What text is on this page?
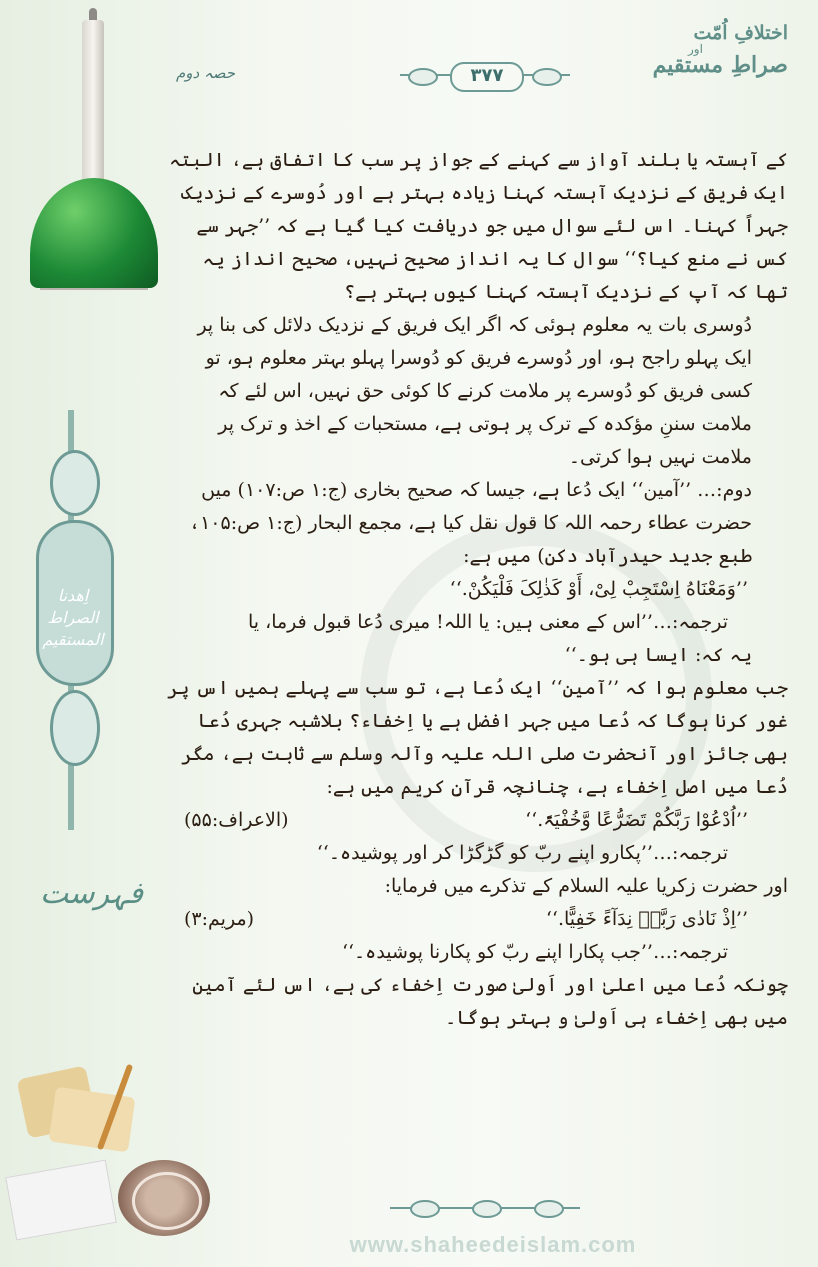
اختلافِ اُمّت
اور
صراطِ مستقیم
۳۷۷
حصہ دوم
اِھدنا الصراط المستقیم
فہرست

کے آہستہ یا بلند آواز سے کہنے کے جواز پر سب کا اتفاق ہے، البتہ ایک فریق کے نزدیک آہستہ کہنا زیادہ بہتر ہے اور دُوسرے کے نزدیک جہراً کہنا۔ اس لئے سوال میں جو دریافت کیا گیا ہے کہ ’’جہر سے کس نے منع کیا؟‘‘ سوال کا یہ انداز صحیح نہیں، صحیح انداز یہ تھا کہ آپ کے نزدیک آہستہ کہنا کیوں بہتر ہے؟

دُوسری بات یہ معلوم ہوئی کہ اگر ایک فریق کے نزدیک دلائل کی بنا پر ایک پہلو راجح ہو، اور دُوسرے فریق کو دُوسرا پہلو بہتر معلوم ہو، تو کسی فریق کو دُوسرے پر ملامت کرنے کا کوئی حق نہیں، اس لئے کہ ملامت سننِ مؤکدہ کے ترک پر ہوتی ہے، مستحبات کے اخذ و ترک پر ملامت نہیں ہوا کرتی۔

دوم:… ’’آمین‘‘ ایک دُعا ہے، جیسا کہ صحیح بخاری (ج:۱ ص:۱۰۷) میں حضرت عطاء رحمہ اللہ کا قول نقل کیا ہے، مجمع البحار (ج:۱ ص:۱۰۵، طبع جدید حیدرآباد دکن) میں ہے:

’’وَمَعْنَاهُ اِسْتَجِبْ لِیْ، أَوْ کَذٰلِکَ فَلْیَکُنْ.‘‘

ترجمہ:…’’اس کے معنی ہیں: یا اللہ! میری دُعا قبول فرما، یا

یہ کہ: ایسا ہی ہو۔‘‘

جب معلوم ہوا کہ ’’آمین‘‘ ایک دُعا ہے، تو سب سے پہلے ہمیں اس پر غور کرنا ہوگا کہ دُعا میں جہر افضل ہے یا اِخفاء؟ بلاشبہ جہری دُعا بھی جائز اور آنحضرت صلی اللہ علیہ وآلہ وسلم سے ثابت ہے، مگر دُعا میں اصل اِخفاء ہے، چنانچہ قرآنِ کریم میں ہے:

’’اُدْعُوْا رَبَّکُمْ تَضَرُّعًا وَّخُفْیَۃً.‘‘
(الاعراف:۵۵)

ترجمہ:…’’پکارو اپنے ربّ کو گڑگڑا کر اور پوشیدہ۔‘‘

اور حضرت زکریا علیہ السلام کے تذکرے میں فرمایا:

’’اِذْ نَادٰی رَبَّہٗ نِدَآءً خَفِیًّا.‘‘
(مریم:۳)

ترجمہ:…’’جب پکارا اپنے ربّ کو پکارنا پوشیدہ۔‘‘

چونکہ دُعا میں اعلیٰ اور اَولیٰ صورت اِخفاء کی ہے، اس لئے آمین میں بھی اِخفاء ہی اَولیٰ و بہتر ہوگا۔

www.shaheedeislam.com
